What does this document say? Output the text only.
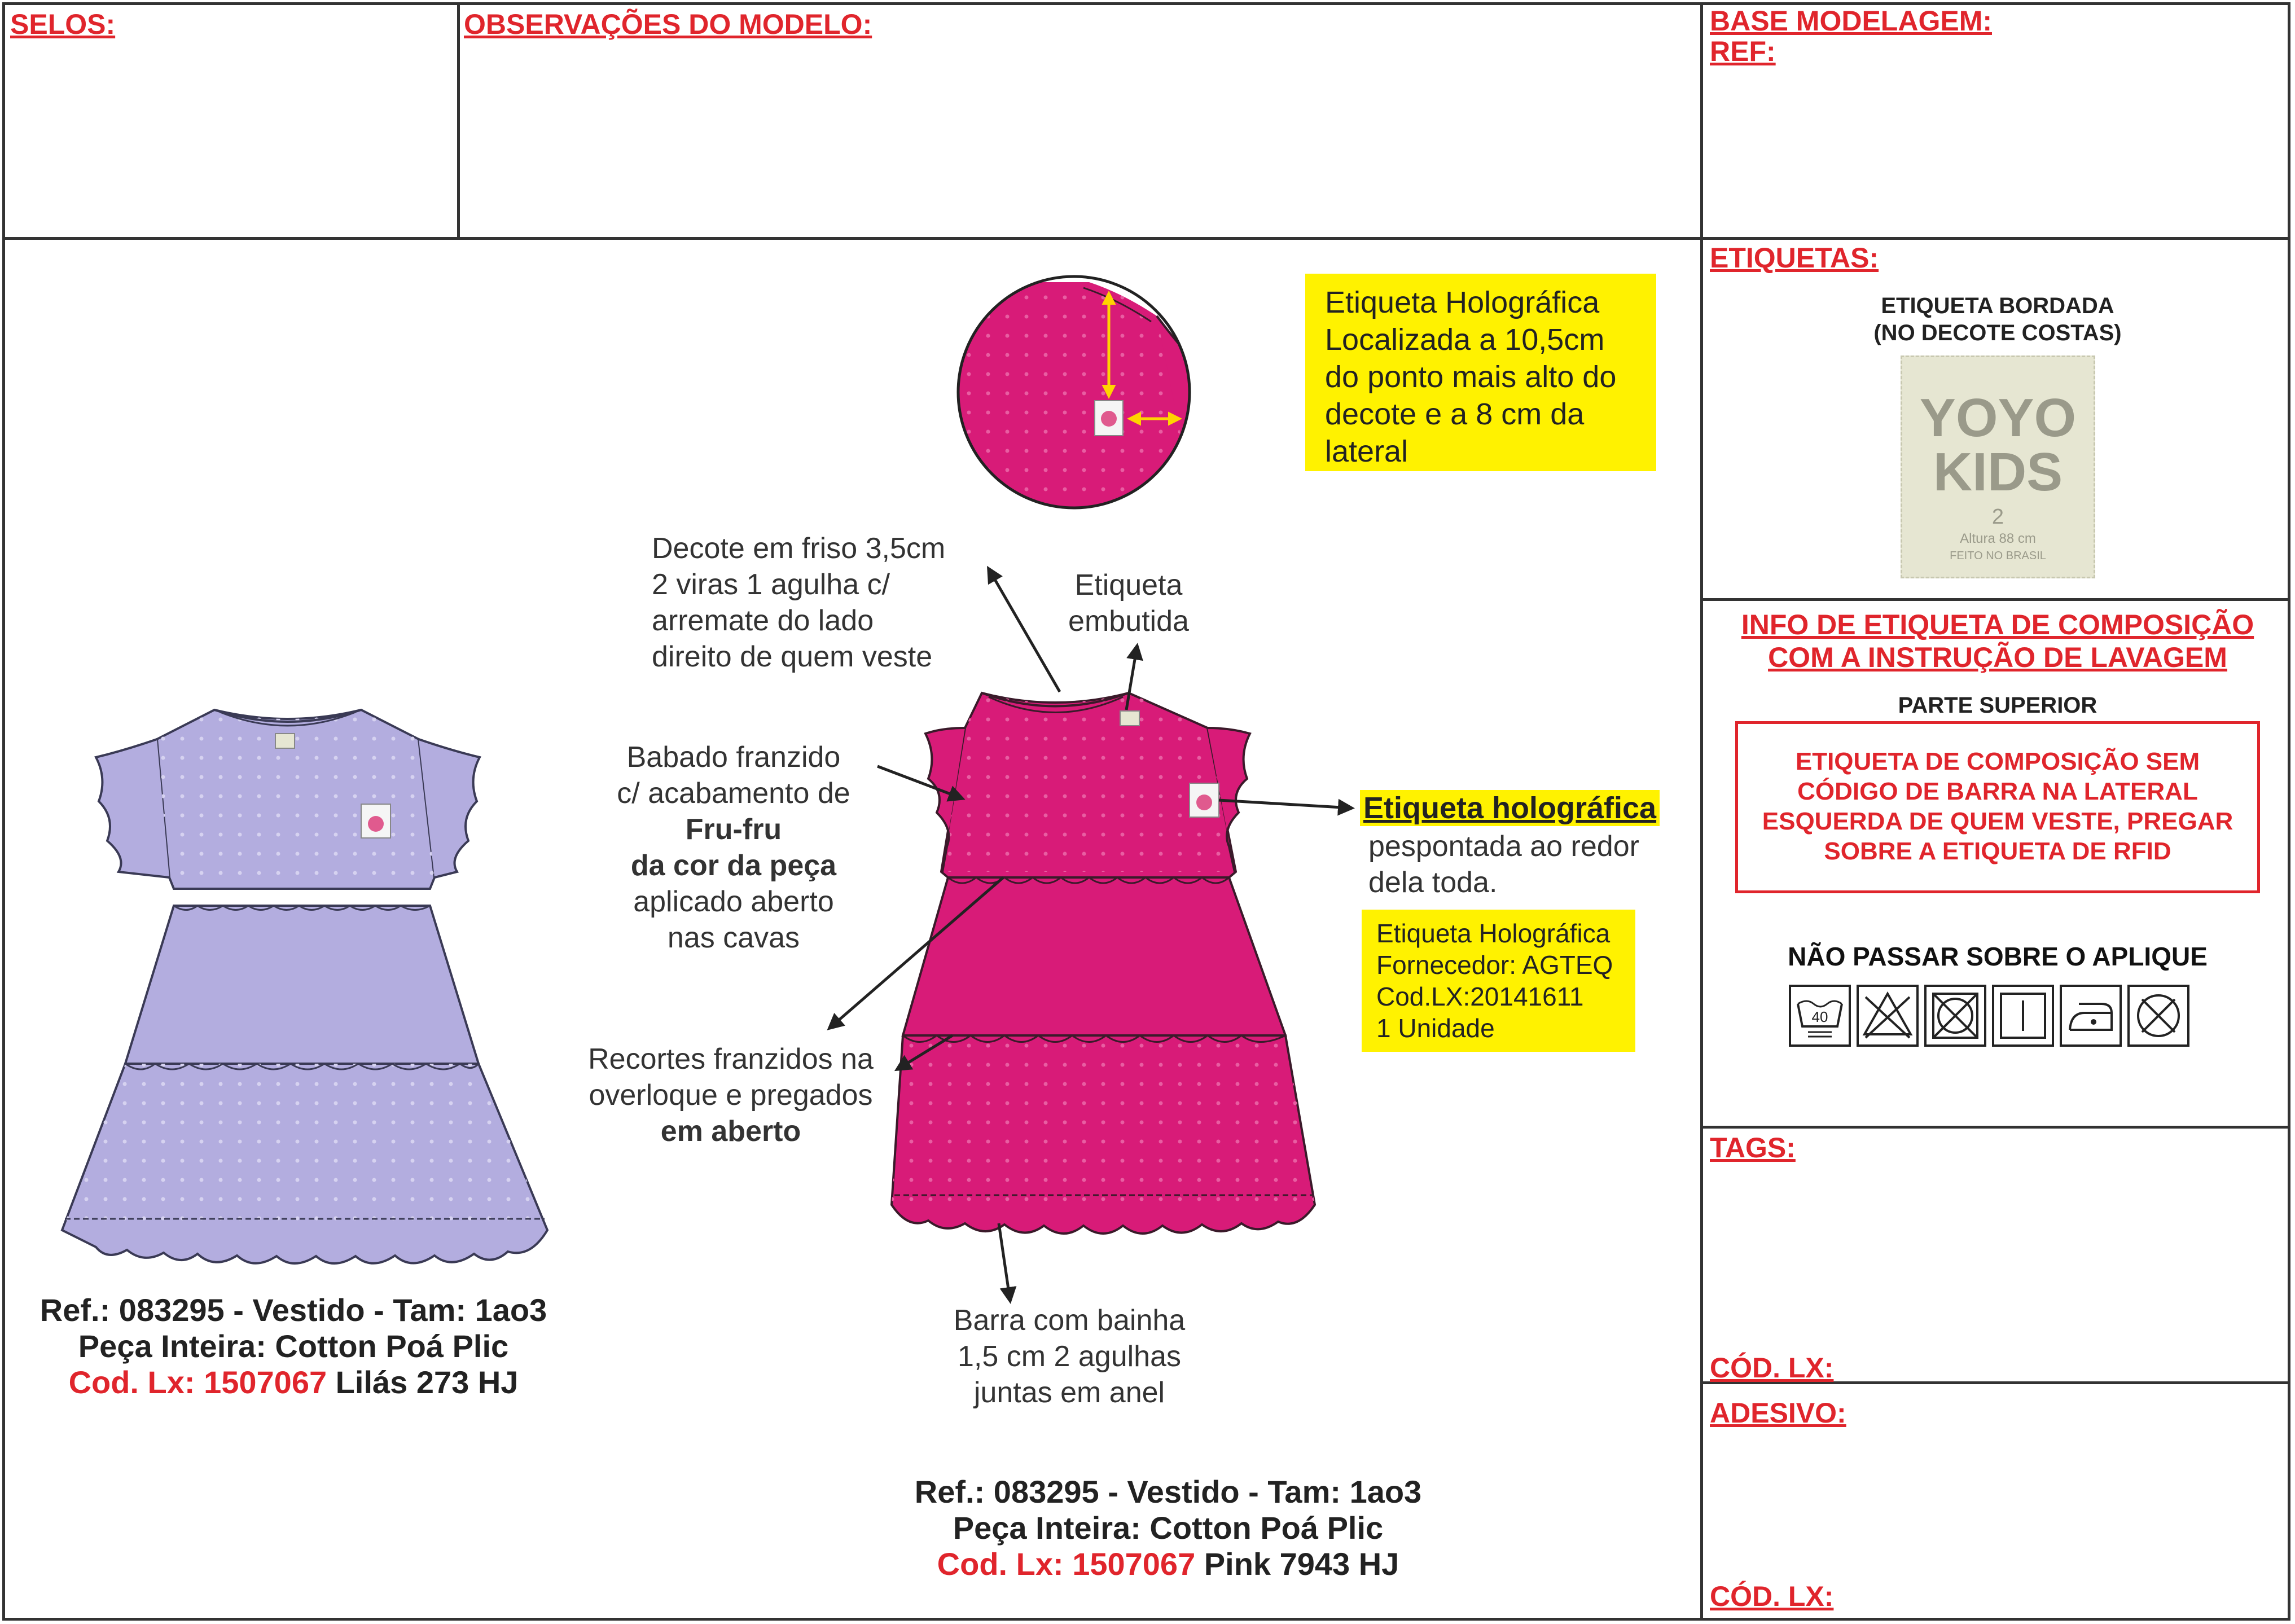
SELOS:	OBSERVAÇÕES DO MODELO:	BASE MODELAGEM:
REF:
ETIQUETAS:
ETIQUETA BORDADA
(NO DECOTE COSTAS)
YOYO
KIDS
2
Altura 88 cm
FEITO NO BRASIL
INFO DE ETIQUETA DE COMPOSIÇÃO
COM A INSTRUÇÃO DE LAVAGEM
PARTE SUPERIOR
ETIQUETA DE COMPOSIÇÃO SEM
CÓDIGO DE BARRA NA LATERAL
ESQUERDA DE QUEM VESTE, PREGAR
SOBRE A ETIQUETA DE RFID
NÃO PASSAR SOBRE O APLIQUE
40
TAGS:
CÓD. LX:
ADESIVO:
CÓD. LX:
Etiqueta Holográfica
Localizada a 10,5cm
do ponto mais alto do
decote e a 8 cm da
lateral
Decote em friso 3,5cm
2 viras 1 agulha c/
arremate do lado
direito de quem veste
Etiqueta
embutida
Babado franzido
c/ acabamento de
Fru-fru
da cor da peça
aplicado aberto
nas cavas
Etiqueta holográfica
pespontada ao redor
dela toda.
Etiqueta Holográfica
Fornecedor: AGTEQ
Cod.LX:20141611
1 Unidade
Recortes franzidos na
overloque e pregados
em aberto
Barra com bainha
1,5 cm 2 agulhas
juntas em anel
Ref.: 083295 - Vestido - Tam: 1ao3
Peça Inteira: Cotton Poá Plic
Cod. Lx: 1507067 Lilás 273 HJ
Ref.: 083295 - Vestido - Tam: 1ao3
Peça Inteira: Cotton Poá Plic
Cod. Lx: 1507067 Pink 7943 HJ
